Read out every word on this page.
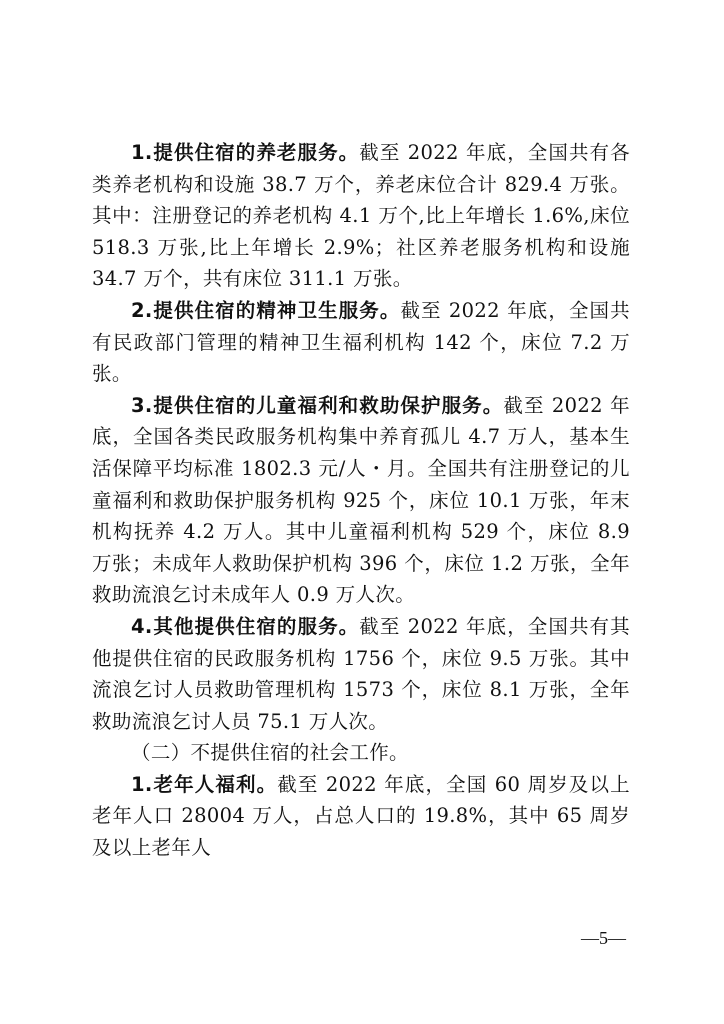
1.提供住宿的养老服务。截至 2022 年底，全国共有各类养老机构和设施 38.7 万个，养老床位合计 829.4 万张。其中：注册登记的养老机构 4.1 万个,比上年增长 1.6%,床位 518.3 万张,比上年增长 2.9%；社区养老服务机构和设施 34.7 万个，共有床位 311.1 万张。

2.提供住宿的精神卫生服务。截至 2022 年底，全国共有民政部门管理的精神卫生福利机构 142 个，床位 7.2 万张。

3.提供住宿的儿童福利和救助保护服务。截至 2022 年底，全国各类民政服务机构集中养育孤儿 4.7 万人，基本生活保障平均标准 1802.3 元/人・月。全国共有注册登记的儿童福利和救助保护服务机构 925 个，床位 10.1 万张，年末机构抚养 4.2 万人。其中儿童福利机构 529 个，床位 8.9 万张；未成年人救助保护机构 396 个，床位 1.2 万张，全年救助流浪乞讨未成年人 0.9 万人次。

4.其他提供住宿的服务。截至 2022 年底，全国共有其他提供住宿的民政服务机构 1756 个，床位 9.5 万张。其中流浪乞讨人员救助管理机构 1573 个，床位 8.1 万张，全年救助流浪乞讨人员 75.1 万人次。

（二）不提供住宿的社会工作。

1.老年人福利。截至 2022 年底，全国 60 周岁及以上老年人口 28004 万人，占总人口的 19.8%，其中 65 周岁及以上老年人

—5—
